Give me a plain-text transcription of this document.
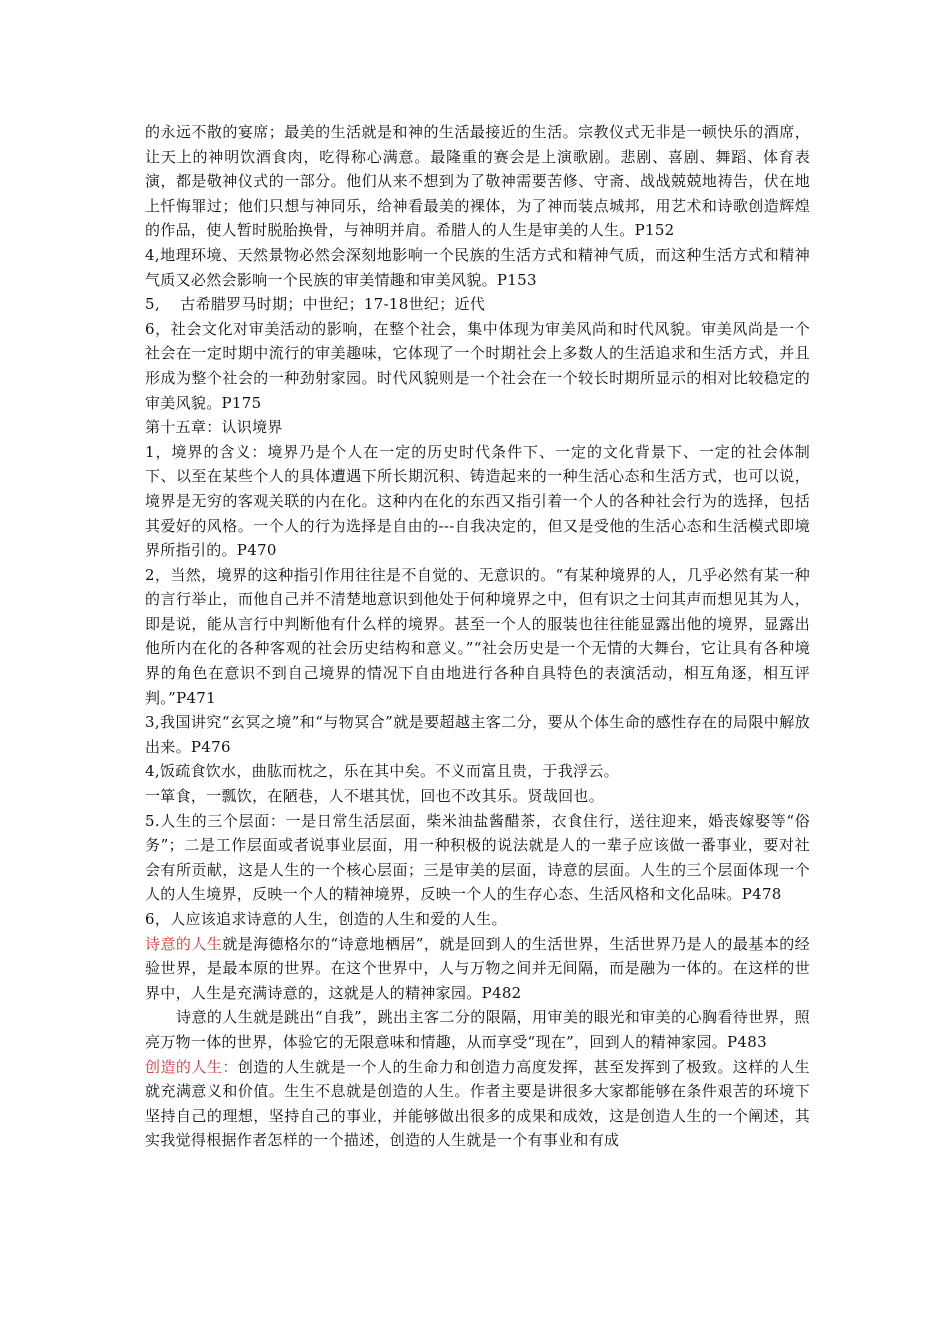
的永远不散的宴席；最美的生活就是和神的生活最接近的生活。宗教仪式无非是一顿快乐的酒席，让天上的神明饮酒食肉，吃得称心满意。最隆重的赛会是上演歌剧。悲剧、喜剧、舞蹈、体育表演，都是敬神仪式的一部分。他们从来不想到为了敬神需要苦修、守斋、战战兢兢地祷告，伏在地上忏悔罪过；他们只想与神同乐，给神看最美的裸体，为了神而装点城邦，用艺术和诗歌创造辉煌的作品，使人暂时脱胎换骨，与神明并肩。希腊人的人生是审美的人生。P152

4,地理环境、天然景物必然会深刻地影响一个民族的生活方式和精神气质，而这种生活方式和精神气质又必然会影响一个民族的审美情趣和审美风貌。P153

5,　 古希腊罗马时期；中世纪；17-18世纪；近代

6，社会文化对审美活动的影响，在整个社会，集中体现为审美风尚和时代风貌。审美风尚是一个社会在一定时期中流行的审美趣味，它体现了一个时期社会上多数人的生活追求和生活方式，并且形成为整个社会的一种劲射家园。时代风貌则是一个社会在一个较长时期所显示的相对比较稳定的审美风貌。P175

第十五章：认识境界

1，境界的含义：境界乃是个人在一定的历史时代条件下、一定的文化背景下、一定的社会体制下、以至在某些个人的具体遭遇下所长期沉积、铸造起来的一种生活心态和生活方式，也可以说，境界是无穷的客观关联的内在化。这种内在化的东西又指引着一个人的各种社会行为的选择，包括其爱好的风格。一个人的行为选择是自由的---自我决定的，但又是受他的生活心态和生活模式即境界所指引的。P470

2，当然，境界的这种指引作用往往是不自觉的、无意识的。“有某种境界的人，几乎必然有某一种的言行举止，而他自己并不清楚地意识到他处于何种境界之中，但有识之士问其声而想见其为人，即是说，能从言行中判断他有什么样的境界。甚至一个人的服装也往往能显露出他的境界，显露出他所内在化的各种客观的社会历史结构和意义。”“社会历史是一个无情的大舞台，它让具有各种境界的角色在意识不到自己境界的情况下自由地进行各种自具特色的表演活动，相互角逐，相互评判。”P471

3,我国讲究“玄冥之境”和“与物冥合”就是要超越主客二分，要从个体生命的感性存在的局限中解放出来。P476

4,饭疏食饮水，曲肱而枕之，乐在其中矣。不义而富且贵，于我浮云。

一箪食，一瓢饮，在陋巷，人不堪其忧，回也不改其乐。贤哉回也。

5.人生的三个层面：一是日常生活层面，柴米油盐酱醋茶，衣食住行，送往迎来，婚丧嫁娶等“俗务”；二是工作层面或者说事业层面，用一种积极的说法就是人的一辈子应该做一番事业，要对社会有所贡献，这是人生的一个核心层面；三是审美的层面，诗意的层面。人生的三个层面体现一个人的人生境界，反映一个人的精神境界，反映一个人的生存心态、生活风格和文化品味。P478

6，人应该追求诗意的人生，创造的人生和爱的人生。

诗意的人生就是海德格尔的“诗意地栖居”，就是回到人的生活世界，生活世界乃是人的最基本的经验世界，是最本原的世界。在这个世界中，人与万物之间并无间隔，而是融为一体的。在这样的世界中，人生是充满诗意的，这就是人的精神家园。P482

诗意的人生就是跳出“自我”，跳出主客二分的限隔，用审美的眼光和审美的心胸看待世界，照亮万物一体的世界，体验它的无限意味和情趣，从而享受“现在”，回到人的精神家园。P483

创造的人生：创造的人生就是一个人的生命力和创造力高度发挥，甚至发挥到了极致。这样的人生就充满意义和价值。生生不息就是创造的人生。作者主要是讲很多大家都能够在条件艰苦的环境下坚持自己的理想，坚持自己的事业，并能够做出很多的成果和成效，这是创造人生的一个阐述，其实我觉得根据作者怎样的一个描述，创造的人生就是一个有事业和有成
